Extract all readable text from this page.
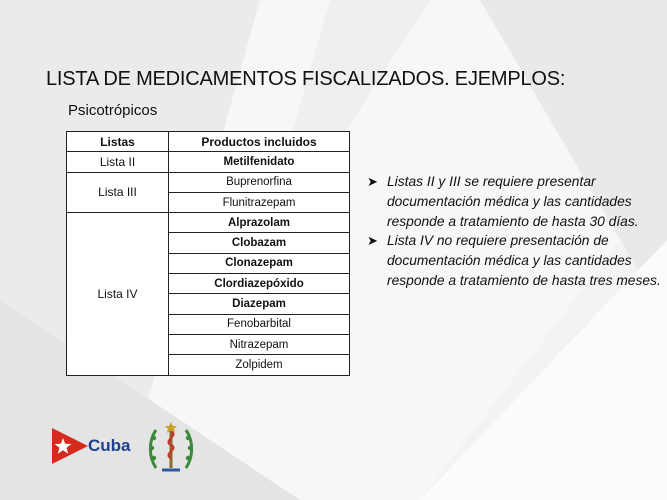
LISTA DE MEDICAMENTOS FISCALIZADOS. EJEMPLOS:
Psicotrópicos
Listas	Productos incluidos
Lista II	Metilfenidato
Lista III	Buprenorfina
	Flunitrazepam
Lista IV	Alprazolam
	Clobazam
	Clonazepam
	Clordiazepóxido
	Diazepam
	Fenobarbital
	Nitrazepam
	Zolpidem
➤ Listas II y III se requiere presentar documentación médica y las cantidades responde a tratamiento de hasta 30 días.
➤ Lista IV no requiere presentación de documentación médica y las cantidades responde a tratamiento de hasta tres meses.
Cuba
